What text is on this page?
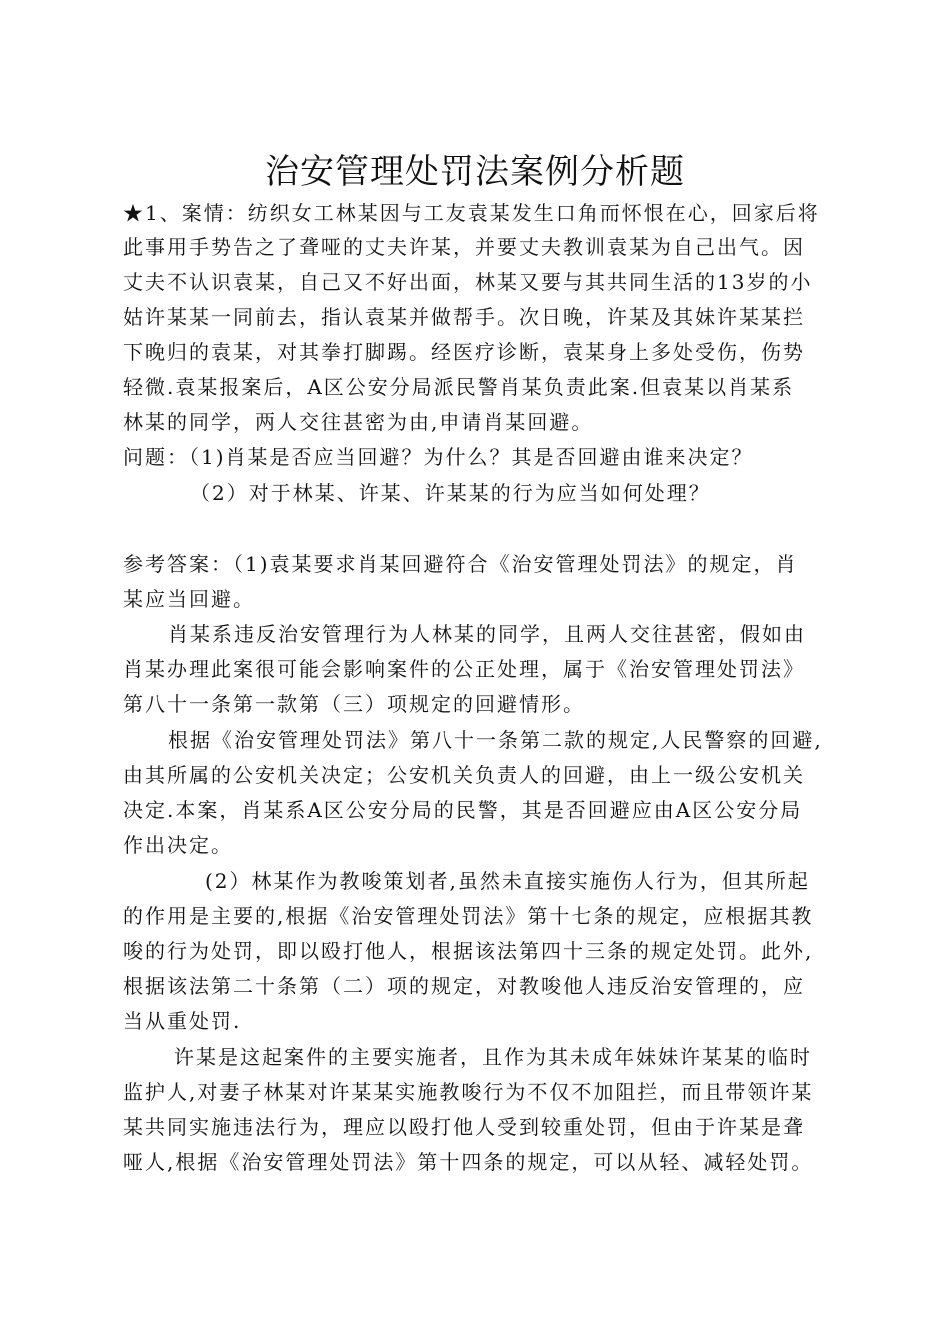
治安管理处罚法案例分析题
★1、案情：纺织女工林某因与工友袁某发生口角而怀恨在心，回家后将
此事用手势告之了聋哑的丈夫许某，并要丈夫教训袁某为自己出气。因
丈夫不认识袁某，自己又不好出面，林某又要与其共同生活的13岁的小
姑许某某一同前去，指认袁某并做帮手。次日晚，许某及其妹许某某拦
下晚归的袁某，对其拳打脚踢。经医疗诊断，袁某身上多处受伤，伤势
轻微.袁某报案后，A区公安分局派民警肖某负责此案.但袁某以肖某系
林某的同学，两人交往甚密为由,申请肖某回避。
问题：（1)肖某是否应当回避？为什么？其是否回避由谁来决定？
（2）对于林某、许某、许某某的行为应当如何处理？
参考答案：（1)袁某要求肖某回避符合《治安管理处罚法》的规定，肖
某应当回避。
肖某系违反治安管理行为人林某的同学，且两人交往甚密，假如由
肖某办理此案很可能会影响案件的公正处理，属于《治安管理处罚法》
第八十一条第一款第（三）项规定的回避情形。
根据《治安管理处罚法》第八十一条第二款的规定,人民警察的回避,
由其所属的公安机关决定；公安机关负责人的回避，由上一级公安机关
决定.本案，肖某系A区公安分局的民警，其是否回避应由A区公安分局
作出决定。
(2）林某作为教唆策划者,虽然未直接实施伤人行为，但其所起
的作用是主要的,根据《治安管理处罚法》第十七条的规定，应根据其教
唆的行为处罚，即以殴打他人，根据该法第四十三条的规定处罚。此外,
根据该法第二十条第（二）项的规定，对教唆他人违反治安管理的，应
当从重处罚.
许某是这起案件的主要实施者，且作为其未成年妹妹许某某的临时
监护人,对妻子林某对许某某实施教唆行为不仅不加阻拦，而且带领许某
某共同实施违法行为，理应以殴打他人受到较重处罚，但由于许某是聋
哑人,根据《治安管理处罚法》第十四条的规定，可以从轻、减轻处罚。
